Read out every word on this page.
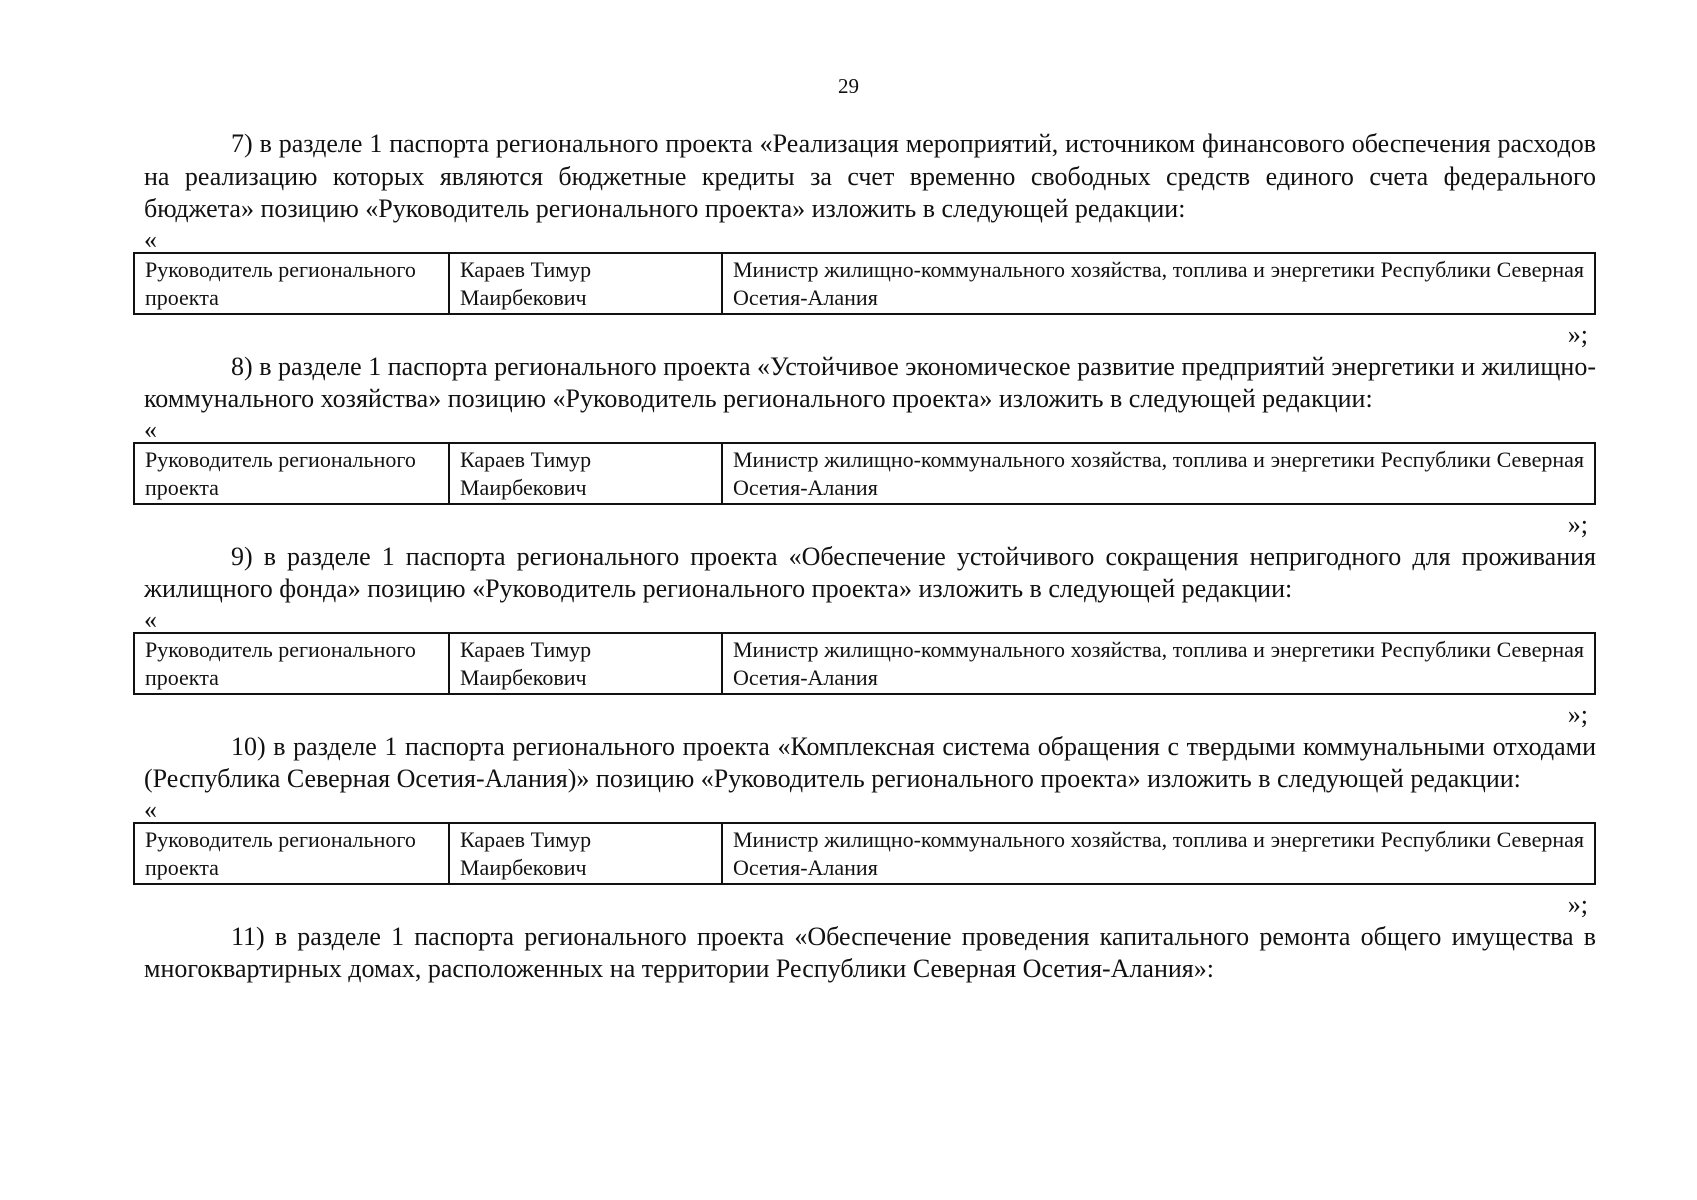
29

7) в разделе 1 паспорта регионального проекта «Реализация мероприятий, источником финансового обеспечения расходов на реализацию которых являются бюджетные кредиты за счет временно свободных средств единого счета федерального бюджета» позицию «Руководитель регионального проекта» изложить в следующей редакции:

«
Руководитель регионального проекта	Караев Тимур Маирбекович	Министр жилищно-коммунального хозяйства, топлива и энергетики Республики Северная Осетия-Алания
»;

8) в разделе 1 паспорта регионального проекта «Устойчивое экономическое развитие предприятий энергетики и жилищно-коммунального хозяйства» позицию «Руководитель регионального проекта» изложить в следующей редакции:

«
Руководитель регионального проекта	Караев Тимур Маирбекович	Министр жилищно-коммунального хозяйства, топлива и энергетики Республики Северная Осетия-Алания
»;

9) в разделе 1 паспорта регионального проекта «Обеспечение устойчивого сокращения непригодного для проживания жилищного фонда» позицию «Руководитель регионального проекта» изложить в следующей редакции:

«
Руководитель регионального проекта	Караев Тимур Маирбекович	Министр жилищно-коммунального хозяйства, топлива и энергетики Республики Северная Осетия-Алания
»;

10) в разделе 1 паспорта регионального проекта «Комплексная система обращения с твердыми коммунальными отходами (Республика Северная Осетия-Алания)» позицию «Руководитель регионального проекта» изложить в следующей редакции:

«
Руководитель регионального проекта	Караев Тимур Маирбекович	Министр жилищно-коммунального хозяйства, топлива и энергетики Республики Северная Осетия-Алания
»;

11) в разделе 1 паспорта регионального проекта «Обеспечение проведения капитального ремонта общего имущества в многоквартирных домах, расположенных на территории Республики Северная Осетия-Алания»:
